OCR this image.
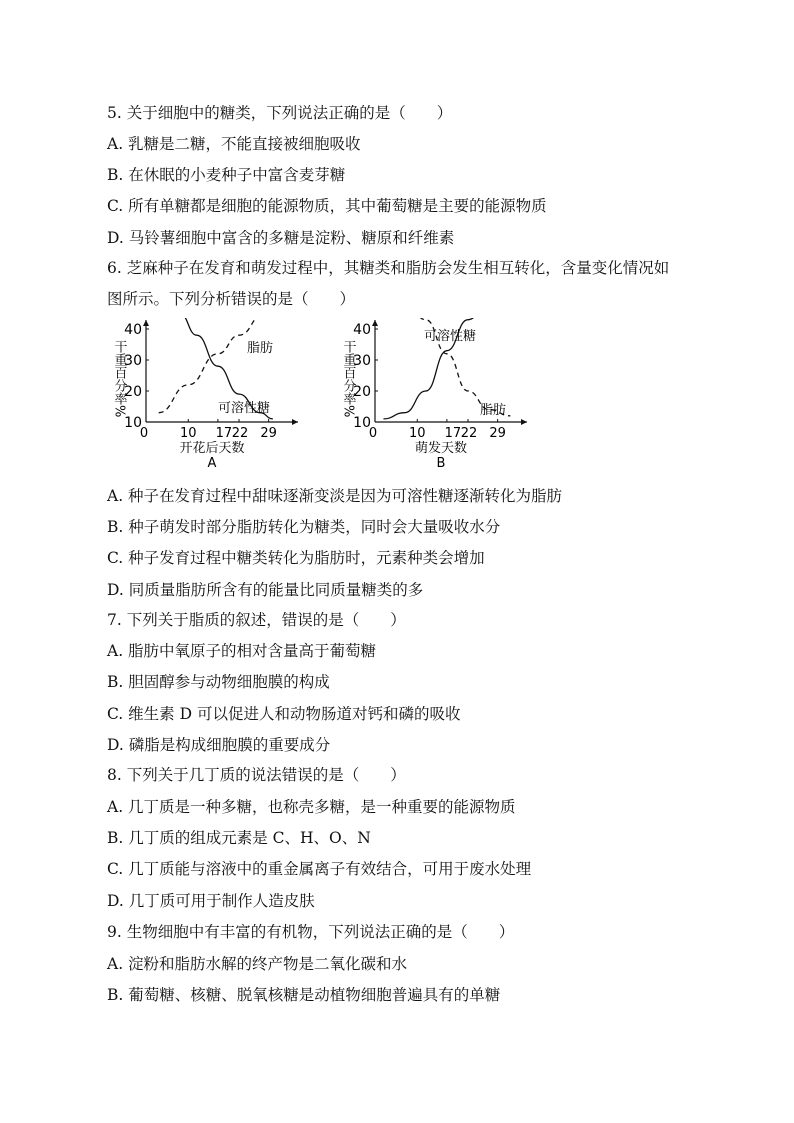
5. 关于细胞中的糖类，下列说法正确的是（　　）
A. 乳糖是二糖，不能直接被细胞吸收
B. 在休眠的小麦种子中富含麦芽糖
C. 所有单糖都是细胞的能源物质，其中葡萄糖是主要的能源物质
D. 马铃薯细胞中富含的多糖是淀粉、糖原和纤维素
6. 芝麻种子在发育和萌发过程中，其糖类和脂肪会发生相互转化，含量变化情况如
图所示。下列分析错误的是（　　）
A. 种子在发育过程中甜味逐渐变淡是因为可溶性糖逐渐转化为脂肪
B. 种子萌发时部分脂肪转化为糖类，同时会大量吸收水分
C. 种子发育过程中糖类转化为脂肪时，元素种类会增加
D. 同质量脂肪所含有的能量比同质量糖类的多
7. 下列关于脂质的叙述，错误的是（　　）
A. 脂肪中氧原子的相对含量高于葡萄糖
B. 胆固醇参与动物细胞膜的构成
C. 维生素 D 可以促进人和动物肠道对钙和磷的吸收
D. 磷脂是构成细胞膜的重要成分
8. 下列关于几丁质的说法错误的是（　　）
A. 几丁质是一种多糖，也称壳多糖，是一种重要的能源物质
B. 几丁质的组成元素是 C、H、O、N
C. 几丁质能与溶液中的重金属离子有效结合，可用于废水处理
D. 几丁质可用于制作人造皮肤
9. 生物细胞中有丰富的有机物，下列说法正确的是（　　）
A. 淀粉和脂肪水解的终产物是二氧化碳和水
B. 葡萄糖、核糖、脱氧核糖是动植物细胞普遍具有的单糖
10
20
30
40
0 10 17 22 29
干重百分率%
开花后天数
A
可溶性糖
脂肪
10
20
30
40
0 10 17 22 29
干重百分率%
萌发天数
B
可溶性糖
脂肪
